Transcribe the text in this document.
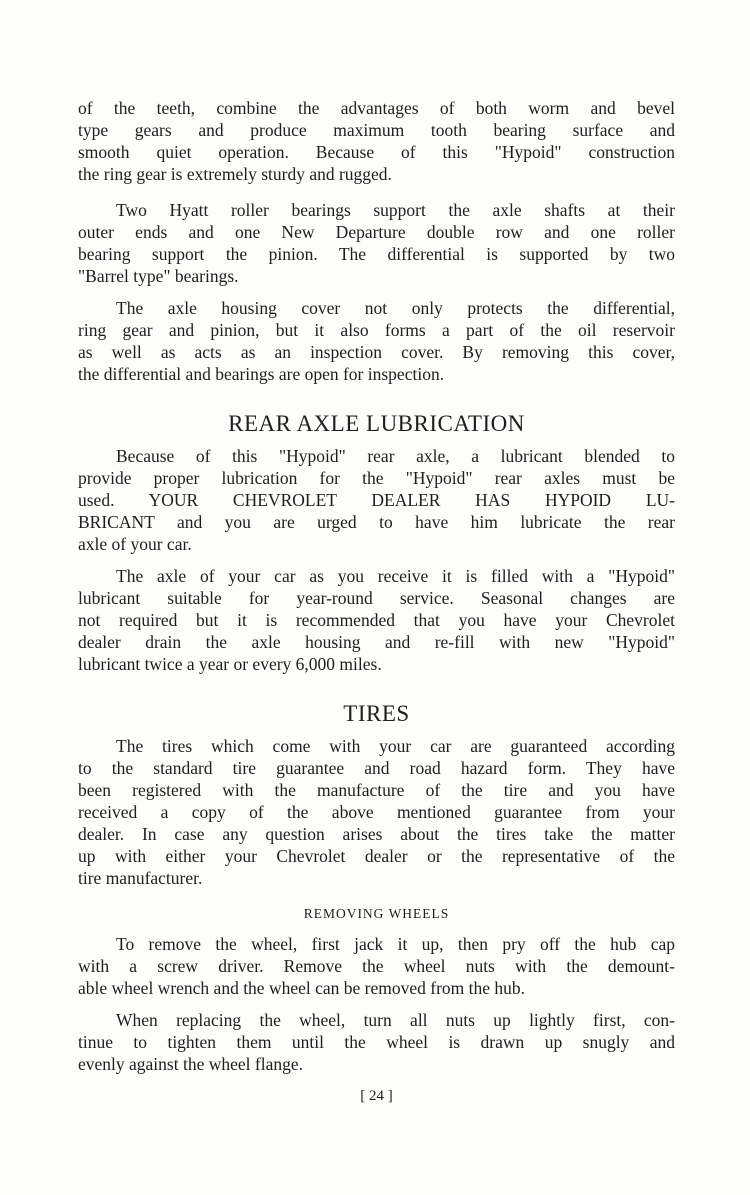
of the teeth, combine the advantages of both worm and bevel
type gears and produce maximum tooth bearing surface and
smooth quiet operation. Because of this "Hypoid" construction
the ring gear is extremely sturdy and rugged.
Two Hyatt roller bearings support the axle shafts at their
outer ends and one New Departure double row and one roller
bearing support the pinion. The differential is supported by two
"Barrel type" bearings.
The axle housing cover not only protects the differential,
ring gear and pinion, but it also forms a part of the oil reservoir
as well as acts as an inspection cover. By removing this cover,
the differential and bearings are open for inspection.
REAR AXLE LUBRICATION
Because of this "Hypoid" rear axle, a lubricant blended to
provide proper lubrication for the "Hypoid" rear axles must be
used. YOUR CHEVROLET DEALER HAS HYPOID LU-
BRICANT and you are urged to have him lubricate the rear
axle of your car.
The axle of your car as you receive it is filled with a "Hypoid"
lubricant suitable for year-round service. Seasonal changes are
not required but it is recommended that you have your Chevrolet
dealer drain the axle housing and re-fill with new "Hypoid"
lubricant twice a year or every 6,000 miles.
TIRES
The tires which come with your car are guaranteed according
to the standard tire guarantee and road hazard form. They have
been registered with the manufacture of the tire and you have
received a copy of the above mentioned guarantee from your
dealer. In case any question arises about the tires take the matter
up with either your Chevrolet dealer or the representative of the
tire manufacturer.
REMOVING WHEELS
To remove the wheel, first jack it up, then pry off the hub cap
with a screw driver. Remove the wheel nuts with the demount-
able wheel wrench and the wheel can be removed from the hub.
When replacing the wheel, turn all nuts up lightly first, con-
tinue to tighten them until the wheel is drawn up snugly and
evenly against the wheel flange.
[ 24 ]
